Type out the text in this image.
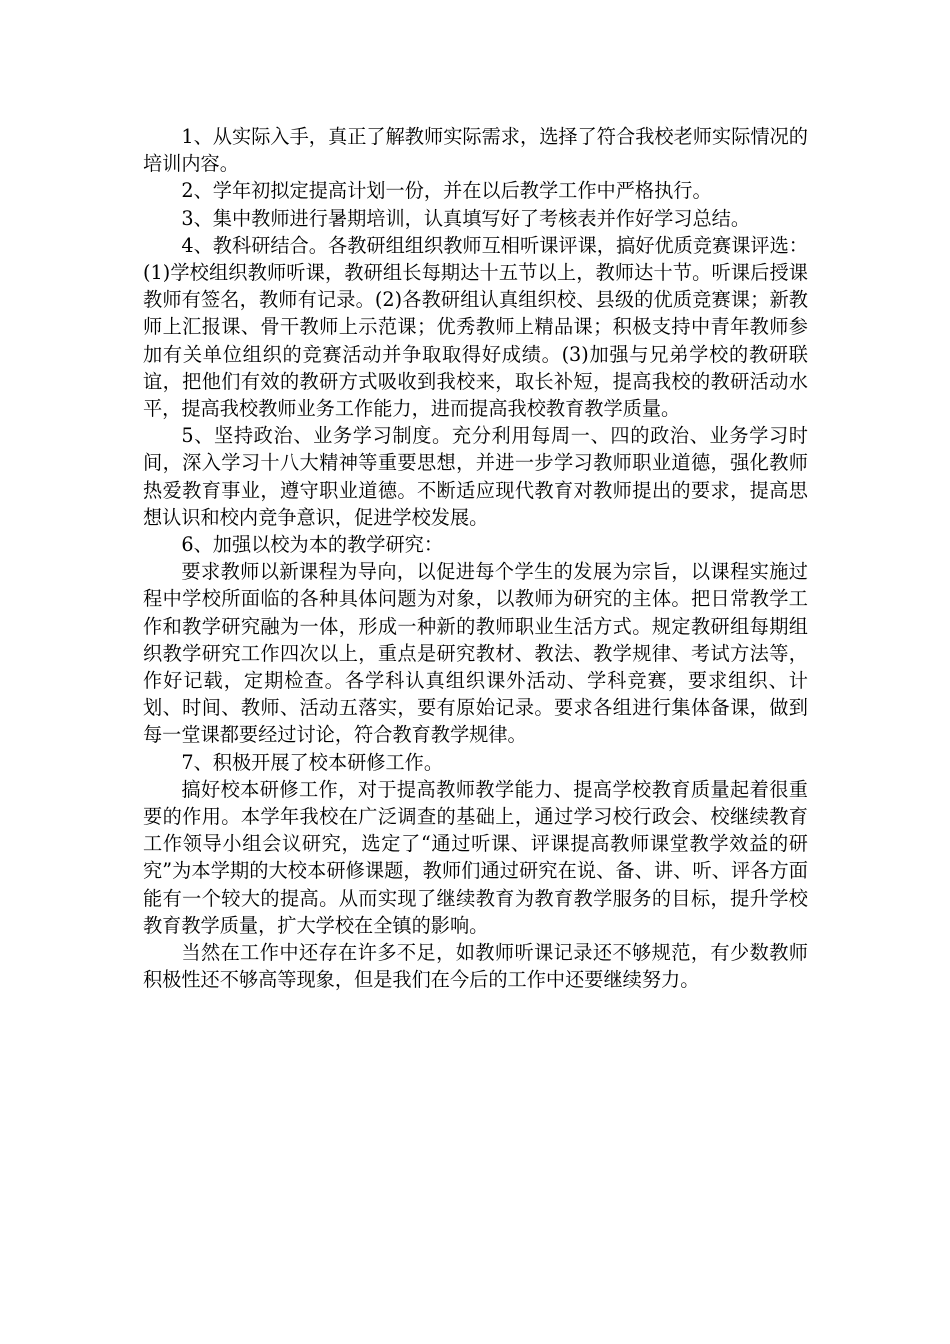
1、从实际入手，真正了解教师实际需求，选择了符合我校老师实际情况的培训内容。

2、学年初拟定提高计划一份，并在以后教学工作中严格执行。

3、集中教师进行暑期培训，认真填写好了考核表并作好学习总结。

4、教科研结合。各教研组组织教师互相听课评课，搞好优质竞赛课评选：(1)学校组织教师听课，教研组长每期达十五节以上，教师达十节。听课后授课教师有签名，教师有记录。(2)各教研组认真组织校、县级的优质竞赛课；新教师上汇报课、骨干教师上示范课；优秀教师上精品课；积极支持中青年教师参加有关单位组织的竞赛活动并争取取得好成绩。(3)加强与兄弟学校的教研联谊，把他们有效的教研方式吸收到我校来，取长补短，提高我校的教研活动水平，提高我校教师业务工作能力，进而提高我校教育教学质量。

5、坚持政治、业务学习制度。充分利用每周一、四的政治、业务学习时间，深入学习十八大精神等重要思想，并进一步学习教师职业道德，强化教师热爱教育事业，遵守职业道德。不断适应现代教育对教师提出的要求，提高思想认识和校内竞争意识，促进学校发展。

6、加强以校为本的教学研究：

要求教师以新课程为导向，以促进每个学生的发展为宗旨，以课程实施过程中学校所面临的各种具体问题为对象，以教师为研究的主体。把日常教学工作和教学研究融为一体，形成一种新的教师职业生活方式。规定教研组每期组织教学研究工作四次以上，重点是研究教材、教法、教学规律、考试方法等，作好记载，定期检查。各学科认真组织课外活动、学科竞赛，要求组织、计划、时间、教师、活动五落实，要有原始记录。要求各组进行集体备课，做到每一堂课都要经过讨论，符合教育教学规律。

7、积极开展了校本研修工作。

搞好校本研修工作，对于提高教师教学能力、提高学校教育质量起着很重要的作用。本学年我校在广泛调查的基础上，通过学习校行政会、校继续教育工作领导小组会议研究，选定了“通过听课、评课提高教师课堂教学效益的研究”为本学期的大校本研修课题，教师们通过研究在说、备、讲、听、评各方面能有一个较大的提高。从而实现了继续教育为教育教学服务的目标，提升学校教育教学质量，扩大学校在全镇的影响。

当然在工作中还存在许多不足，如教师听课记录还不够规范，有少数教师积极性还不够高等现象，但是我们在今后的工作中还要继续努力。
